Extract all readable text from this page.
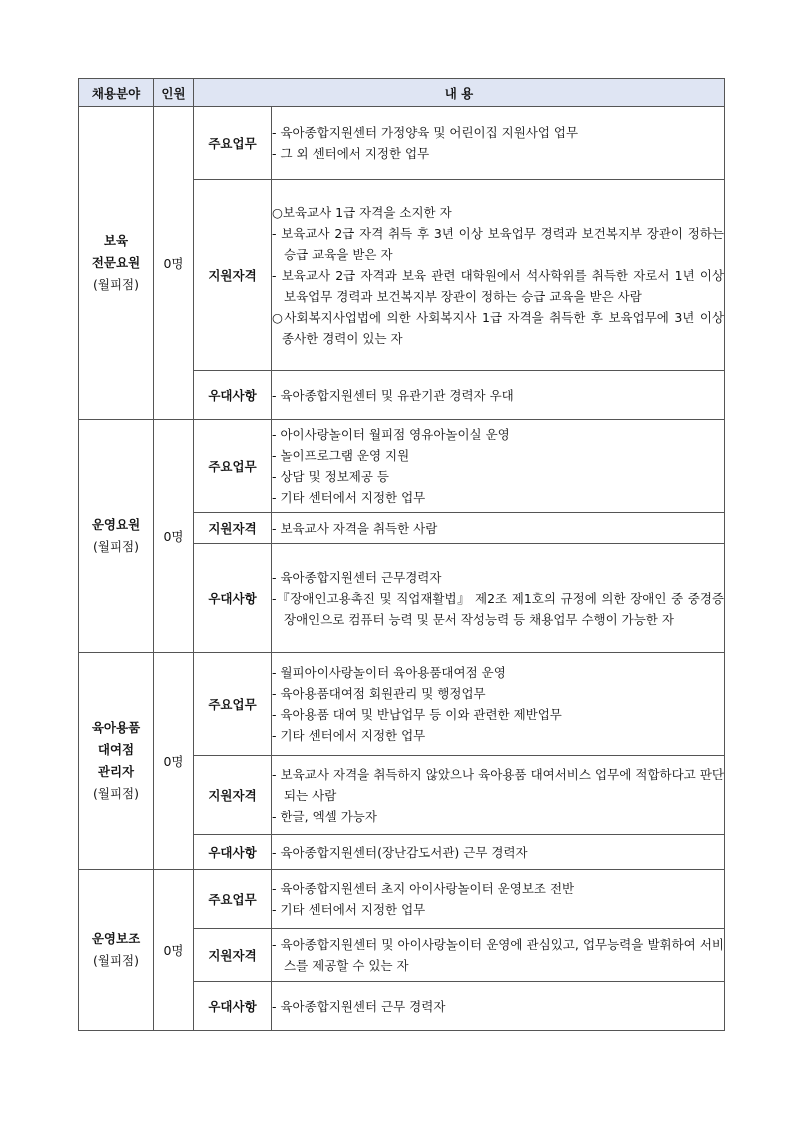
채용분야	인원	내 용	

보육
전문요원
(월피점)	0명	주요업무	- 육아종합지원센터 가정양육 및 어린이집 지원사업 업무
- 그 외 센터에서 지정한 업무

		지원자격	○보육교사 1급 자격을 소지한 자
- 보육교사 2급 자격 취득 후 3년 이상 보육업무 경력과 보건복지부 장관이 정하는 승급 교육을 받은 자
- 보육교사 2급 자격과 보육 관련 대학원에서 석사학위를 취득한 자로서 1년 이상 보육업무 경력과 보건복지부 장관이 정하는 승급 교육을 받은 사람
○사회복지사업법에 의한 사회복지사 1급 자격을 취득한 후 보육업무에 3년 이상 종사한 경력이 있는 자

		우대사항	- 육아종합지원센터 및 유관기관 경력자 우대

운영요원
(월피점)	0명	주요업무	- 아이사랑놀이터 월피점 영유아놀이실 운영
- 놀이프로그램 운영 지원
- 상담 및 정보제공 등
- 기타 센터에서 지정한 업무

		지원자격	- 보육교사 자격을 취득한 사람

		우대사항	- 육아종합지원센터 근무경력자
-『장애인고용촉진 및 직업재활법』 제2조 제1호의 규정에 의한 장애인 중 중경증장애인으로 컴퓨터 능력 및 문서 작성능력 등 채용업무 수행이 가능한 자

육아용품
대여점
관리자
(월피점)	0명	주요업무	- 월피아이사랑놀이터 육아용품대여점 운영
- 육아용품대여점 회원관리 및 행정업무
- 육아용품 대여 및 반납업무 등 이와 관련한 제반업무
- 기타 센터에서 지정한 업무

		지원자격	- 보육교사 자격을 취득하지 않았으나 육아용품 대여서비스 업무에 적합하다고 판단되는 사람
- 한글, 엑셀 가능자

		우대사항	- 육아종합지원센터(장난감도서관) 근무 경력자

운영보조
(월피점)	0명	주요업무	- 육아종합지원센터 초지 아이사랑놀이터 운영보조 전반
- 기타 센터에서 지정한 업무

		지원자격	- 육아종합지원센터 및 아이사랑놀이터 운영에 관심있고, 업무능력을 발휘하여 서비스를 제공할 수 있는 자

		우대사항	- 육아종합지원센터 근무 경력자
